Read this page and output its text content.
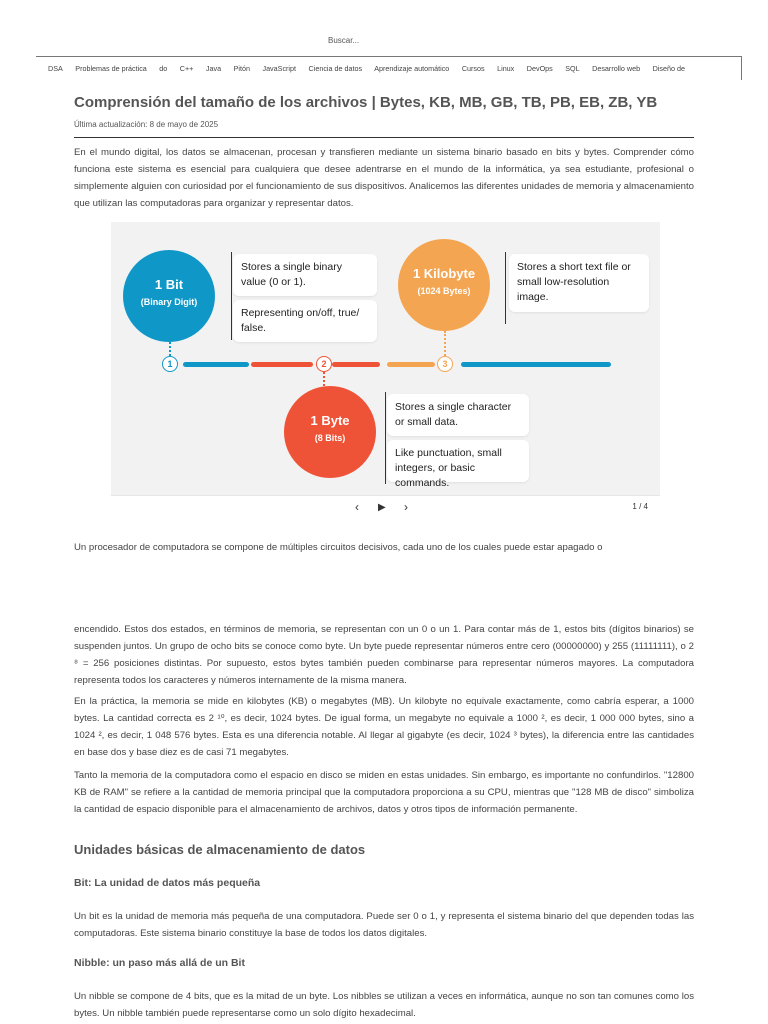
Buscar...
DSA Problemas de práctica do C++ Java Pitón JavaScript Ciencia de datos Aprendizaje automático Cursos Linux DevOps SQL Desarrollo web Diseño de
Comprensión del tamaño de los archivos | Bytes, KB, MB, GB, TB, PB, EB, ZB, YB
Última actualización: 8 de mayo de 2025

En el mundo digital, los datos se almacenan, procesan y transfieren mediante un sistema binario basado en bits y bytes. Comprender cómo funciona este sistema es esencial para cualquiera que desee adentrarse en el mundo de la informática, ya sea estudiante, profesional o simplemente alguien con curiosidad por el funcionamiento de sus dispositivos. Analicemos las diferentes unidades de memoria y almacenamiento que utilizan las computadoras para organizar y representar datos.

1	2	3
1 Bit
(Binary Digit)
Stores a single binary value (0 or 1).
Representing on/off, true/ false.
1 Kilobyte
(1024 Bytes)
Stores a short text file or small low-resolution image.
1 Byte
(8 Bits)
Stores a single character or small data.
Like punctuation, small integers, or basic commands.
‹ ▶ ›	1 / 4

Un procesador de computadora se compone de múltiples circuitos decisivos, cada uno de los cuales puede estar apagado o

encendido. Estos dos estados, en términos de memoria, se representan con un 0 o un 1. Para contar más de 1, estos bits (dígitos binarios) se suspenden juntos. Un grupo de ocho bits se conoce como byte. Un byte puede representar números entre cero (00000000) y 255 (11111111), o 2 ⁸ = 256 posiciones distintas. Por supuesto, estos bytes también pueden combinarse para representar números mayores. La computadora representa todos los caracteres y números internamente de la misma manera.

En la práctica, la memoria se mide en kilobytes (KB) o megabytes (MB). Un kilobyte no equivale exactamente, como cabría esperar, a 1000 bytes. La cantidad correcta es 2 ¹⁰, es decir, 1024 bytes. De igual forma, un megabyte no equivale a 1000 ², es decir, 1 000 000 bytes, sino a 1024 ², es decir, 1 048 576 bytes. Esta es una diferencia notable. Al llegar al gigabyte (es decir, 1024 ³ bytes), la diferencia entre las cantidades en base dos y base diez es de casi 71 megabytes.

Tanto la memoria de la computadora como el espacio en disco se miden en estas unidades. Sin embargo, es importante no confundirlos. "12800 KB de RAM" se refiere a la cantidad de memoria principal que la computadora proporciona a su CPU, mientras que "128 MB de disco" simboliza la cantidad de espacio disponible para el almacenamiento de archivos, datos y otros tipos de información permanente.

Unidades básicas de almacenamiento de datos
Bit: La unidad de datos más pequeña

Un bit es la unidad de memoria más pequeña de una computadora. Puede ser 0 o 1, y representa el sistema binario del que dependen todas las computadoras. Este sistema binario constituye la base de todos los datos digitales.

Nibble: un paso más allá de un Bit

Un nibble se compone de 4 bits, que es la mitad de un byte. Los nibbles se utilizan a veces en informática, aunque no son tan comunes como los bytes. Un nibble también puede representarse como un solo dígito hexadecimal.
